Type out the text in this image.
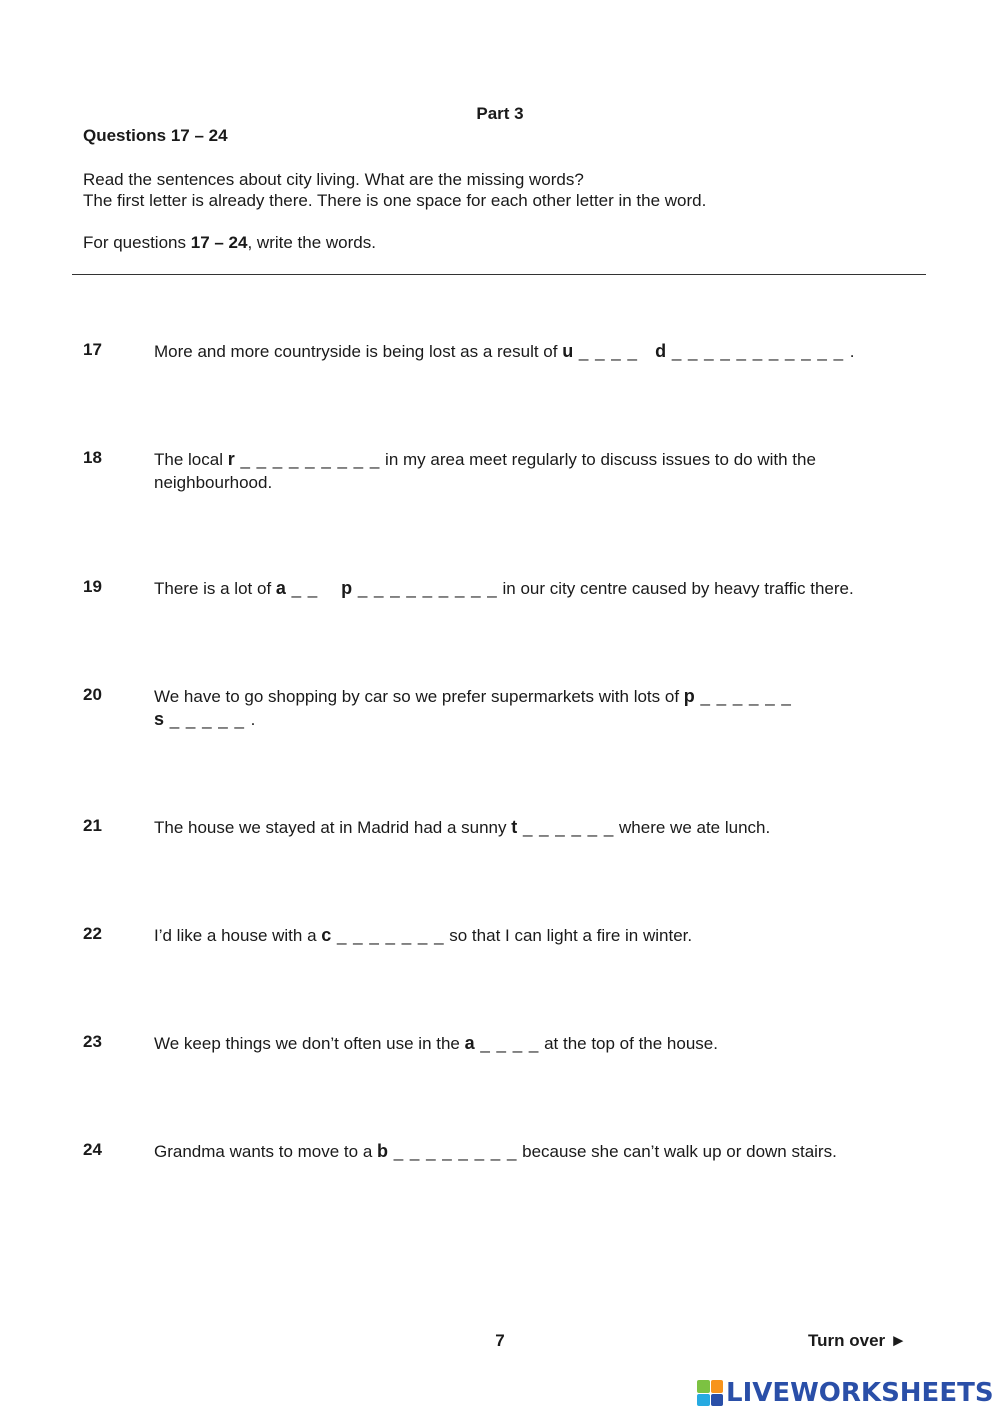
Part 3
Questions 17 – 24
Read the sentences about city living. What are the missing words?
The first letter is already there. There is one space for each other letter in the word.
For questions 17 – 24, write the words.
17	More and more countryside is being lost as a result of u _ _ _ _   d _ _ _ _ _ _ _ _ _ _ _ .
18	The local r _ _ _ _ _ _ _ _ _ in my area meet regularly to discuss issues to do with the neighbourhood.
19	There is a lot of a _ _    p _ _ _ _ _ _ _ _ _ in our city centre caused by heavy traffic there.
20	We have to go shopping by car so we prefer supermarkets with lots of p _ _ _ _ _ _
s _ _ _ _ _ .
21	The house we stayed at in Madrid had a sunny t _ _ _ _ _ _ where we ate lunch.
22	I’d like a house with a c _ _ _ _ _ _ _ so that I can light a fire in winter.
23	We keep things we don’t often use in the a _ _ _ _ at the top of the house.
24	Grandma wants to move to a b _ _ _ _ _ _ _ _ because she can’t walk up or down stairs.
7	Turn over ►
LIVEWORKSHEETS
